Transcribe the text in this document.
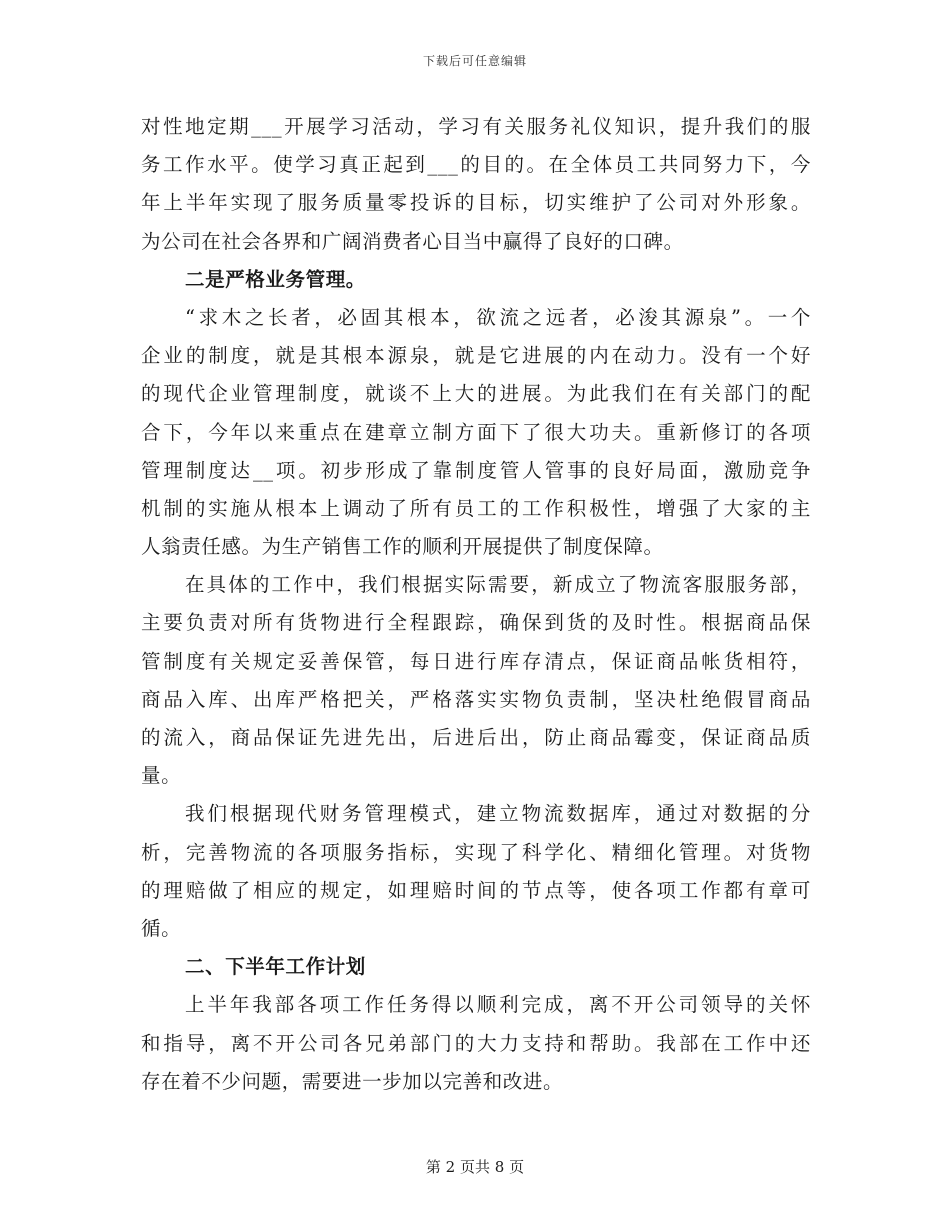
下载后可任意编辑
对性地定期___开展学习活动，学习有关服务礼仪知识，提升我们的服
务工作水平。使学习真正起到___的目的。在全体员工共同努力下，今
年上半年实现了服务质量零投诉的目标，切实维护了公司对外形象。
为公司在社会各界和广阔消费者心目当中赢得了良好的口碑。
二是严格业务管理。
“求木之长者，必固其根本，欲流之远者，必浚其源泉”。一个
企业的制度，就是其根本源泉，就是它进展的内在动力。没有一个好
的现代企业管理制度，就谈不上大的进展。为此我们在有关部门的配
合下，今年以来重点在建章立制方面下了很大功夫。重新修订的各项
管理制度达__项。初步形成了靠制度管人管事的良好局面，激励竞争
机制的实施从根本上调动了所有员工的工作积极性，增强了大家的主
人翁责任感。为生产销售工作的顺利开展提供了制度保障。
在具体的工作中，我们根据实际需要，新成立了物流客服服务部，
主要负责对所有货物进行全程跟踪，确保到货的及时性。根据商品保
管制度有关规定妥善保管，每日进行库存清点，保证商品帐货相符，
商品入库、出库严格把关，严格落实实物负责制，坚决杜绝假冒商品
的流入，商品保证先进先出，后进后出，防止商品霉变，保证商品质
量。
我们根据现代财务管理模式，建立物流数据库，通过对数据的分
析，完善物流的各项服务指标，实现了科学化、精细化管理。对货物
的理赔做了相应的规定，如理赔时间的节点等，使各项工作都有章可
循。
二、下半年工作计划
上半年我部各项工作任务得以顺利完成，离不开公司领导的关怀
和指导，离不开公司各兄弟部门的大力支持和帮助。我部在工作中还
存在着不少问题，需要进一步加以完善和改进。
第 2 页共 8 页
